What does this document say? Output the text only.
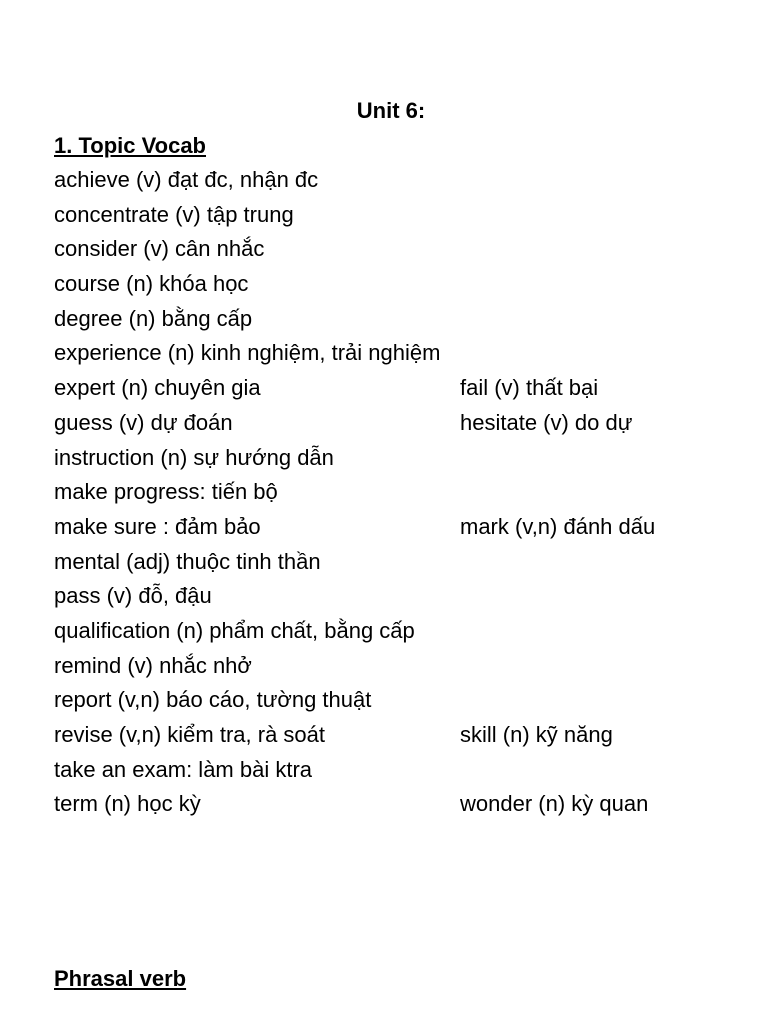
Unit 6:
1. Topic Vocab
achieve (v) đạt đc, nhận đc
concentrate (v) tập trung
consider (v) cân nhắc
course (n) khóa học
degree (n) bằng cấp
experience (n) kinh nghiệm, trải nghiệm
expert (n) chuyên gia	fail (v) thất bại
guess (v) dự đoán	hesitate (v) do dự
instruction (n) sự hướng dẫn
make progress: tiến bộ
make sure : đảm bảo	mark (v,n) đánh dấu
mental (adj) thuộc tinh thần
pass (v) đỗ, đậu
qualification (n) phẩm chất, bằng cấp
remind (v) nhắc nhở
report (v,n) báo cáo, tường thuật
revise (v,n) kiểm tra, rà soát	skill (n) kỹ năng
take an exam: làm bài ktra
term (n) học kỳ	wonder (n) kỳ quan
Phrasal verb
